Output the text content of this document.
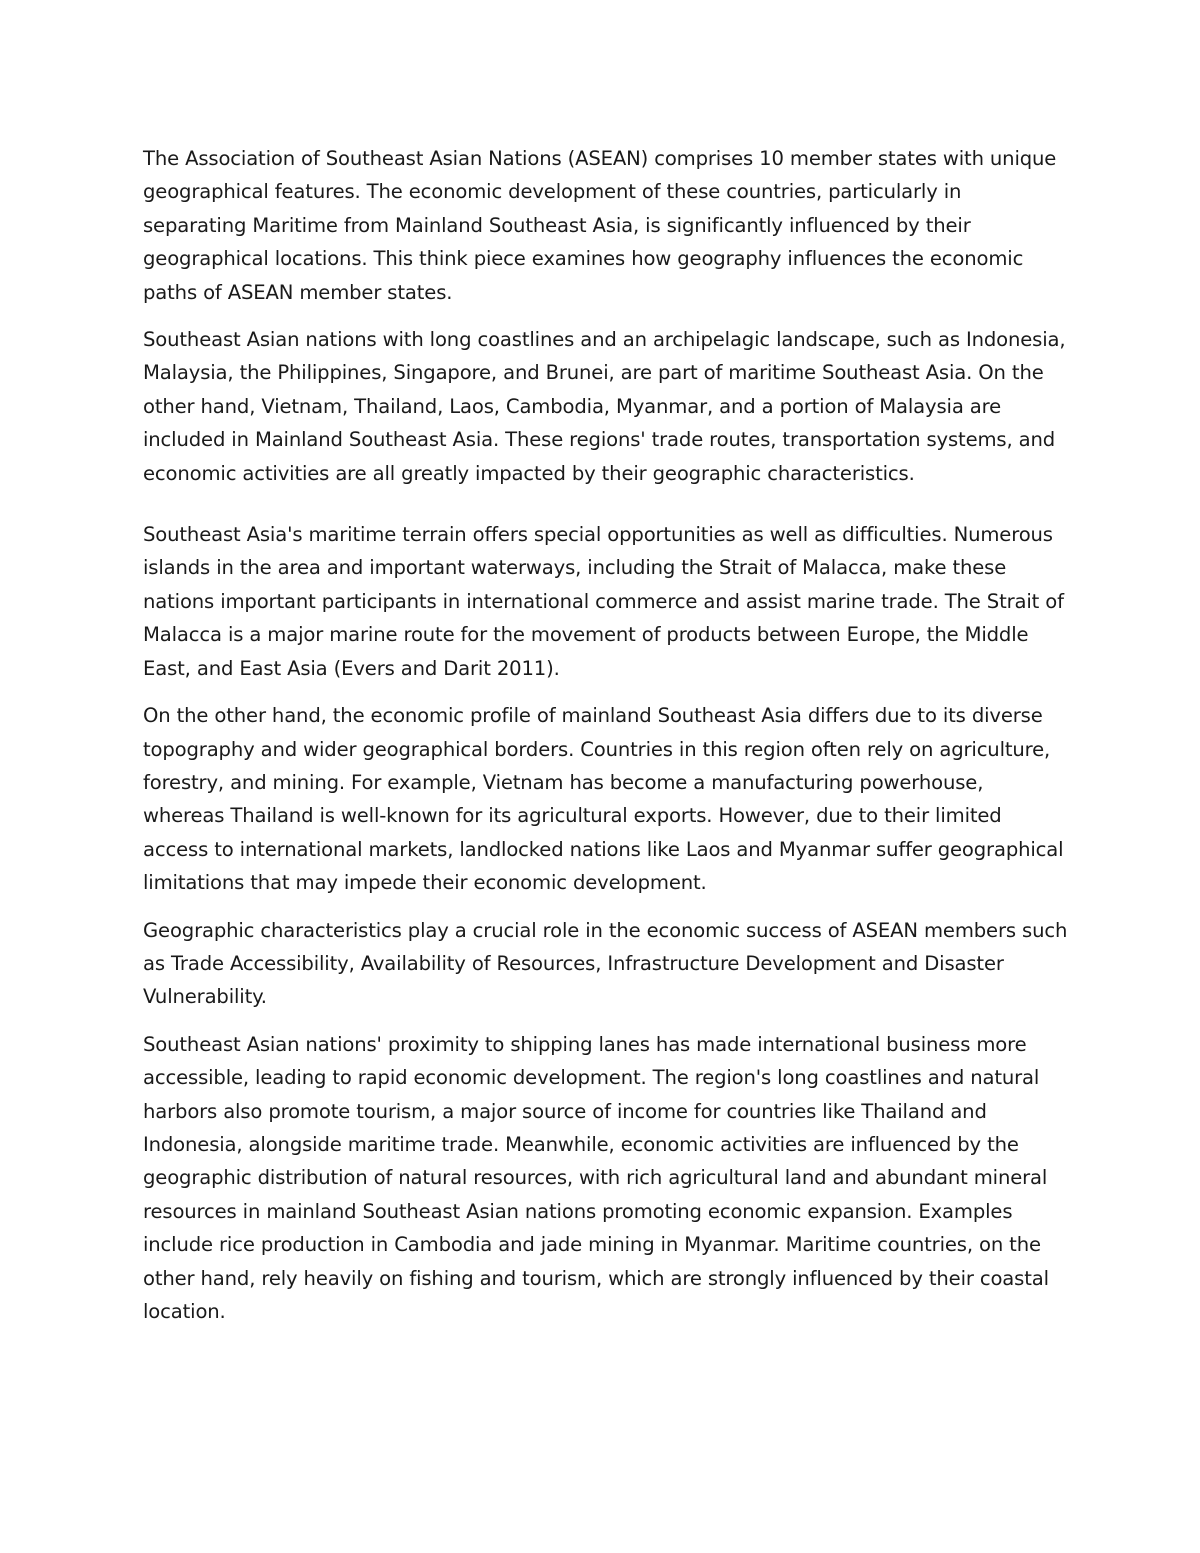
The Association of Southeast Asian Nations (ASEAN) comprises 10 member states with unique geographical features. The economic development of these countries, particularly in separating Maritime from Mainland Southeast Asia, is significantly influenced by their geographical locations. This think piece examines how geography influences the economic paths of ASEAN member states.

Southeast Asian nations with long coastlines and an archipelagic landscape, such as Indonesia, Malaysia, the Philippines, Singapore, and Brunei, are part of maritime Southeast Asia. On the other hand, Vietnam, Thailand, Laos, Cambodia, Myanmar, and a portion of Malaysia are included in Mainland Southeast Asia. These regions' trade routes, transportation systems, and economic activities are all greatly impacted by their geographic characteristics.

Southeast Asia's maritime terrain offers special opportunities as well as difficulties. Numerous islands in the area and important waterways, including the Strait of Malacca, make these nations important participants in international commerce and assist marine trade. The Strait of Malacca is a major marine route for the movement of products between Europe, the Middle East, and East Asia (Evers and Darit 2011).

On the other hand, the economic profile of mainland Southeast Asia differs due to its diverse topography and wider geographical borders. Countries in this region often rely on agriculture, forestry, and mining. For example, Vietnam has become a manufacturing powerhouse, whereas Thailand is well-known for its agricultural exports. However, due to their limited access to international markets, landlocked nations like Laos and Myanmar suffer geographical limitations that may impede their economic development.

Geographic characteristics play a crucial role in the economic success of ASEAN members such as Trade Accessibility, Availability of Resources, Infrastructure Development and Disaster Vulnerability.

Southeast Asian nations' proximity to shipping lanes has made international business more accessible, leading to rapid economic development. The region's long coastlines and natural harbors also promote tourism, a major source of income for countries like Thailand and Indonesia, alongside maritime trade. Meanwhile, economic activities are influenced by the geographic distribution of natural resources, with rich agricultural land and abundant mineral resources in mainland Southeast Asian nations promoting economic expansion. Examples include rice production in Cambodia and jade mining in Myanmar. Maritime countries, on the other hand, rely heavily on fishing and tourism, which are strongly influenced by their coastal location.
